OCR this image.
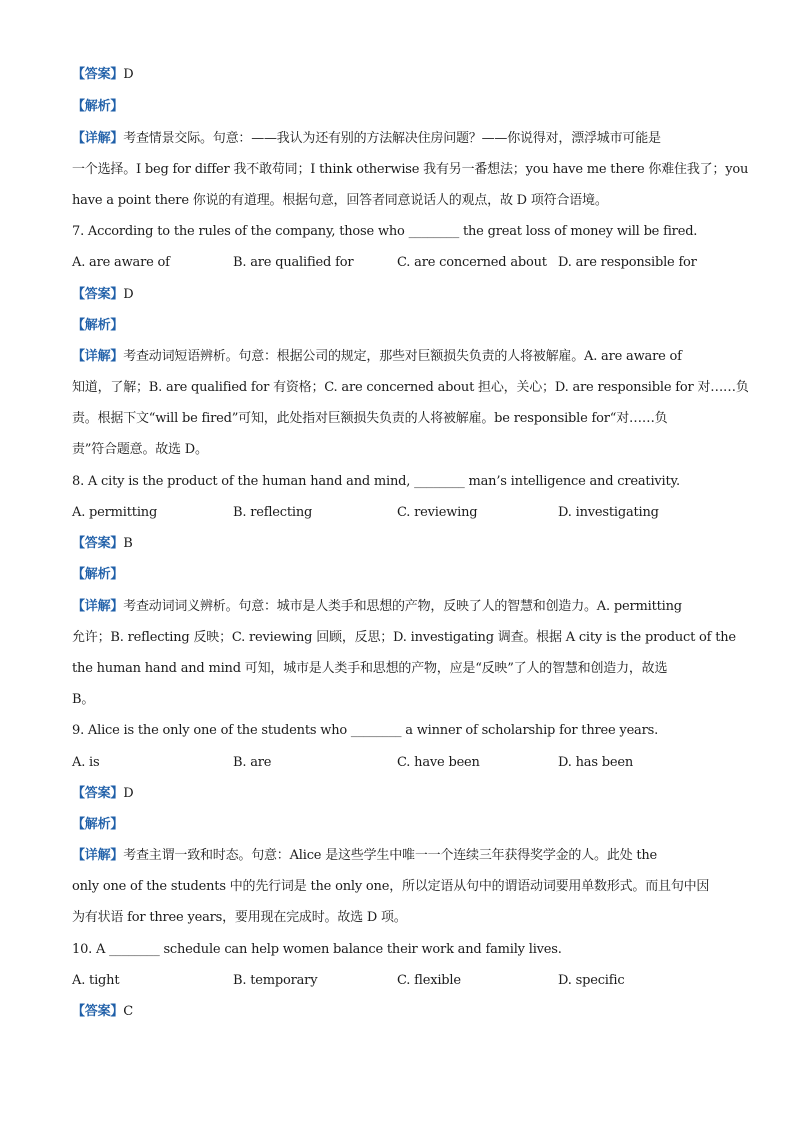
【答案】D
【解析】
【详解】考查情景交际。句意：——我认为还有别的方法解决住房问题？——你说得对，漂浮城市可能是
一个选择。I beg for differ 我不敢苟同；I think otherwise 我有另一番想法；you have me there 你难住我了；you
have a point there 你说的有道理。根据句意，回答者同意说话人的观点，故 D 项符合语境。
7. According to the rules of the company, those who ________ the great loss of money will be fired.
A. are aware of	B. are qualified for	C. are concerned about D. are responsible for
【答案】D
【解析】
【详解】考查动词短语辨析。句意：根据公司的规定，那些对巨额损失负责的人将被解雇。A. are aware of
知道，了解；B. are qualified for 有资格；C. are concerned about 担心，关心；D. are responsible for 对……负
责。根据下文“will be fired”可知，此处指对巨额损失负责的人将被解雇。be responsible for“对……负
责”符合题意。故选 D。
8. A city is the product of the human hand and mind, ________ man’s intelligence and creativity.
A. permitting	B. reflecting	C. reviewing	D. investigating
【答案】B
【解析】
【详解】考查动词词义辨析。句意：城市是人类手和思想的产物，反映了人的智慧和创造力。A. permitting
允许；B. reflecting 反映；C. reviewing 回顾，反思；D. investigating 调查。根据 A city is the product of the
the human hand and mind 可知，城市是人类手和思想的产物，应是“反映”了人的智慧和创造力，故选
B。
9. Alice is the only one of the students who ________ a winner of scholarship for three years.
A. is	B. are	C. have been	D. has been
【答案】D
【解析】
【详解】考查主谓一致和时态。句意：Alice 是这些学生中唯一一个连续三年获得奖学金的人。此处 the
only one of the students 中的先行词是 the only one，所以定语从句中的谓语动词要用单数形式。而且句中因
为有状语 for three years，要用现在完成时。故选 D 项。
10. A ________ schedule can help women balance their work and family lives.
A. tight	B. temporary	C. flexible	D. specific
【答案】C
